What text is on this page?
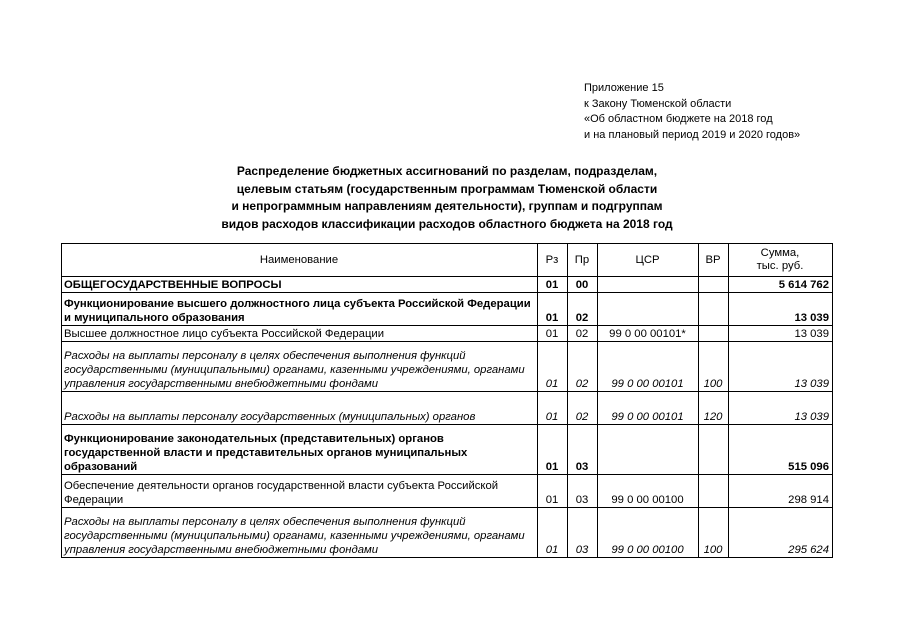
Приложение 15
к Закону Тюменской области
«Об областном бюджете на 2018 год
и на плановый период 2019 и 2020 годов»
Распределение бюджетных ассигнований по разделам, подразделам,
целевым статьям (государственным программам Тюменской области
и непрограммным направлениям деятельности), группам и подгруппам
видов расходов классификации расходов областного бюджета на 2018 год
Наименование	Рз	Пр	ЦСР	ВР	Сумма,
тыс. руб.

ОБЩЕГОСУДАРСТВЕННЫЕ ВОПРОСЫ	01	00			5 614 762
Функционирование высшего должностного лица субъекта Российской Федерации и муниципального образования	01	02			13 039
Высшее должностное лицо субъекта Российской Федерации	01	02	99 0 00 00101*		13 039
Расходы на выплаты персоналу в целях обеспечения выполнения функций государственными (муниципальными) органами, казенными учреждениями, органами управления государственными внебюджетными фондами	01	02	99 0 00 00101	100	13 039
Расходы на выплаты персоналу государственных (муниципальных) органов	01	02	99 0 00 00101	120	13 039
Функционирование законодательных (представительных) органов государственной власти и представительных органов муниципальных образований	01	03			515 096
Обеспечение деятельности органов государственной власти субъекта Российской Федерации	01	03	99 0 00 00100		298 914
Расходы на выплаты персоналу в целях обеспечения выполнения функций государственными (муниципальными) органами, казенными учреждениями, органами управления государственными внебюджетными фондами	01	03	99 0 00 00100	100	295 624
